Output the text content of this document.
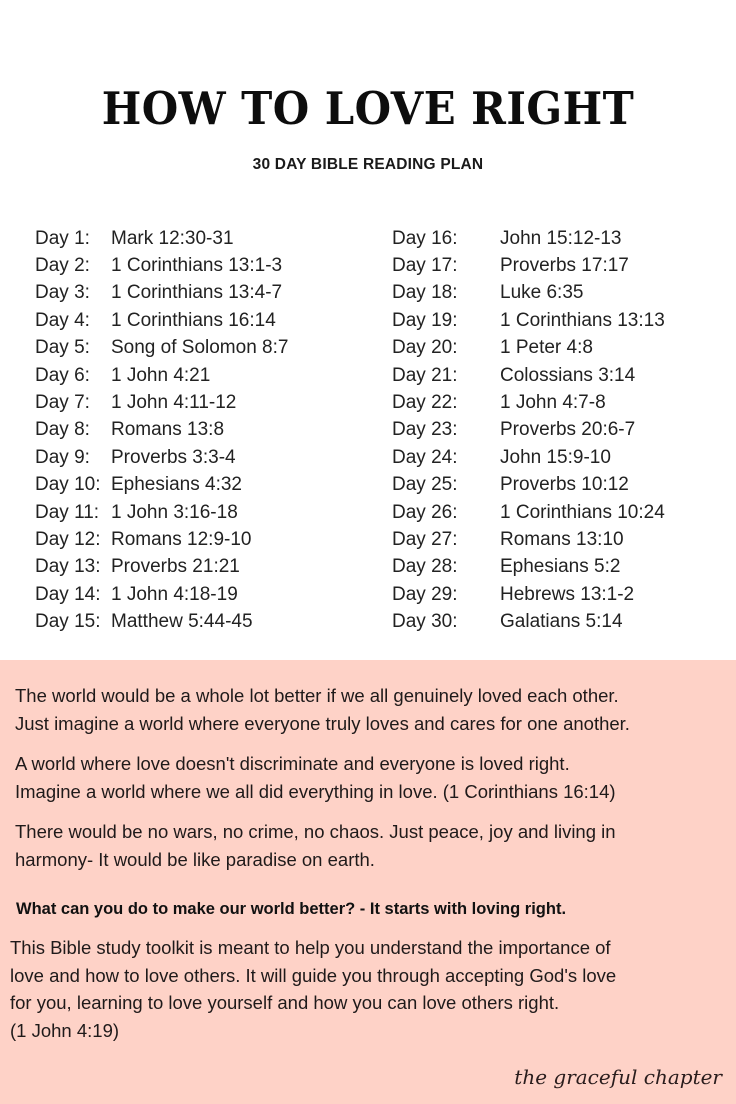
HOW TO LOVE RIGHT
30 DAY BIBLE READING PLAN
Day 1:	Mark 12:30-31
Day 2:	1 Corinthians 13:1-3
Day 3:	1 Corinthians 13:4-7
Day 4:	1 Corinthians 16:14
Day 5:	Song of Solomon 8:7
Day 6:	1 John 4:21
Day 7:	1 John 4:11-12
Day 8:	Romans 13:8
Day 9:	Proverbs 3:3-4
Day 10: Ephesians 4:32
Day 11: 1 John 3:16-18
Day 12: Romans 12:9-10
Day 13: Proverbs 21:21
Day 14: 1 John 4:18-19
Day 15: Matthew 5:44-45
Day 16:	John 15:12-13
Day 17:	Proverbs 17:17
Day 18:	Luke 6:35
Day 19:	1 Corinthians 13:13
Day 20:	1 Peter 4:8
Day 21:	Colossians 3:14
Day 22:	1 John 4:7-8
Day 23:	Proverbs 20:6-7
Day 24:	John 15:9-10
Day 25:	Proverbs 10:12
Day 26:	1 Corinthians 10:24
Day 27:	Romans 13:10
Day 28:	Ephesians 5:2
Day 29:	Hebrews 13:1-2
Day 30:	Galatians 5:14
The world would be a whole lot better if we all genuinely loved each other.
Just imagine a world where everyone truly loves and cares for one another.
A world where love doesn't discriminate and everyone is loved right.
Imagine a world where we all did everything in love. (1 Corinthians 16:14)
There would be no wars, no crime, no chaos. Just peace, joy and living in
harmony- It would be like paradise on earth.
What can you do to make our world better? - It starts with loving right.
This Bible study toolkit is meant to help you understand the importance of
love and how to love others. It will guide you through accepting God's love
for you, learning to love yourself and how you can love others right.
(1 John 4:19)
the graceful chapter
